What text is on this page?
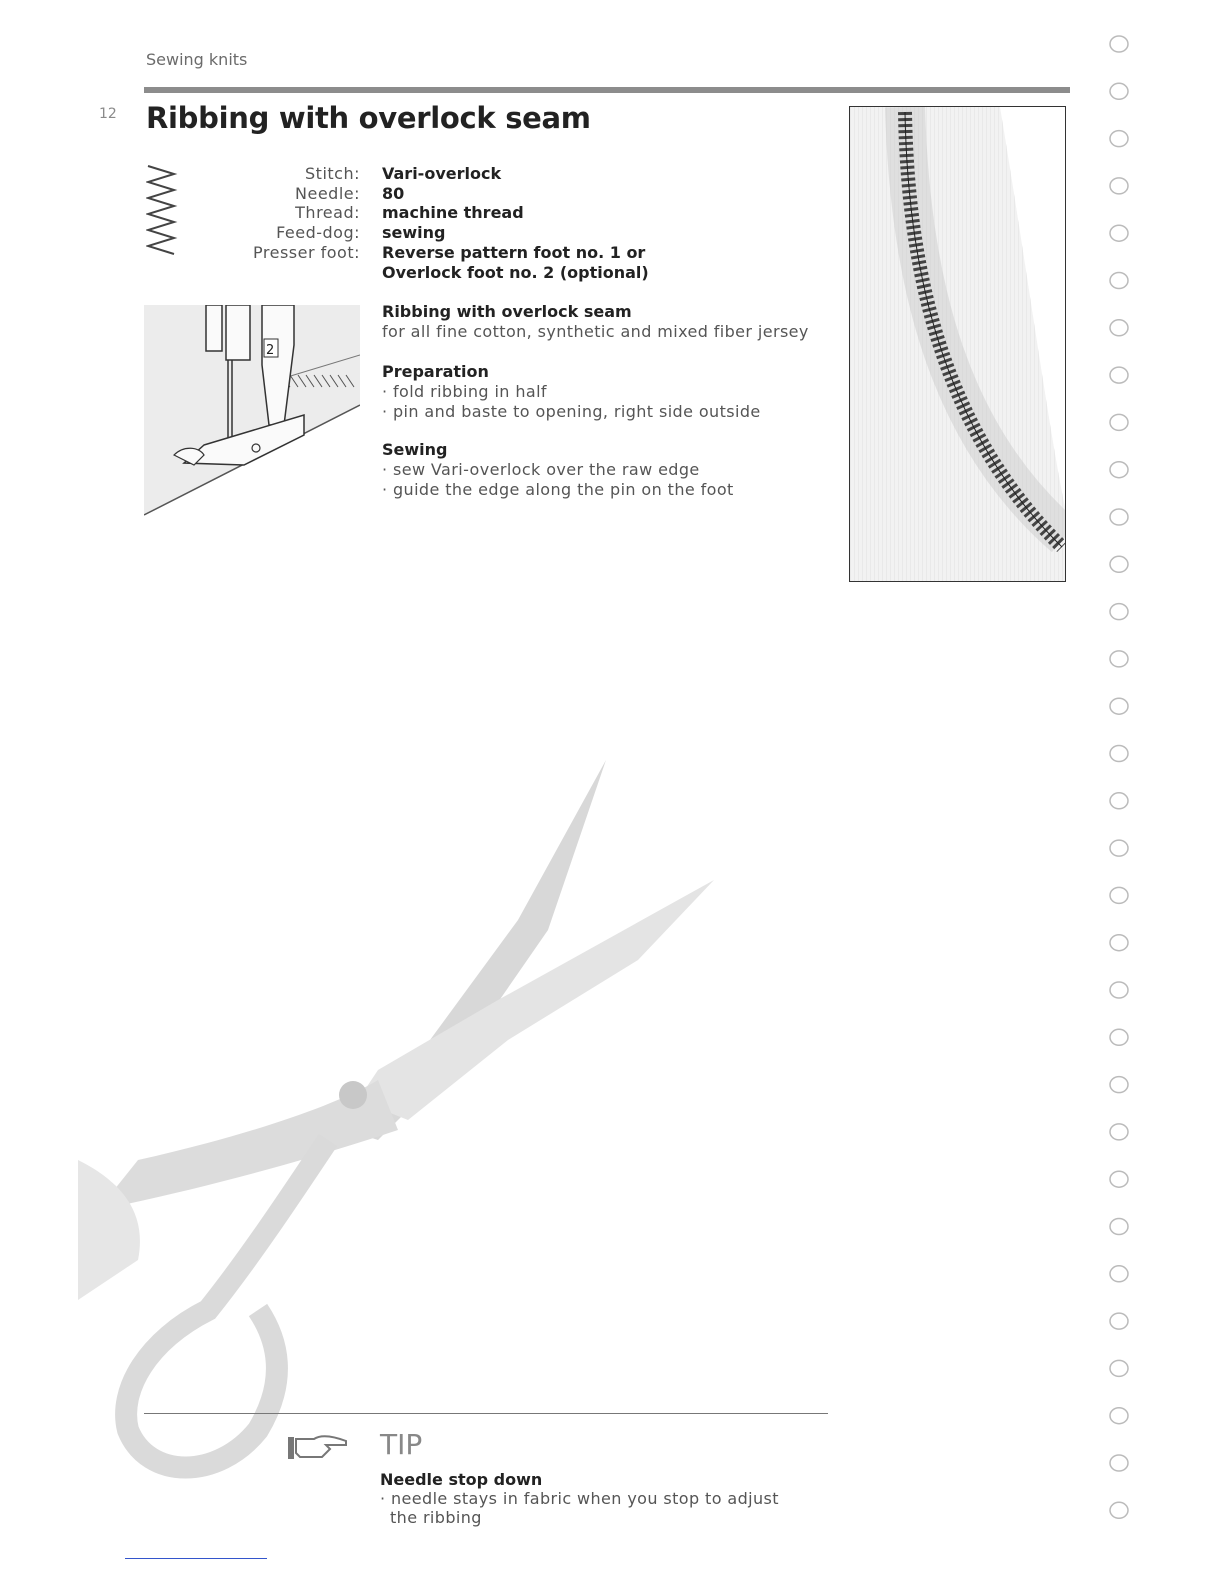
Sewing knits
12 Ribbing with overlock seam
Stitch:	Vari-overlock
Needle:	80
Thread:	machine thread
Feed-dog:	sewing
Presser foot:	Reverse pattern foot no. 1 or
Overlock foot no. 2 (optional)
2
Ribbing with overlock seam
for all fine cotton, synthetic and mixed fiber jersey
Preparation
· fold ribbing in half
· pin and baste to opening, right side outside
Sewing
· sew Vari-overlock over the raw edge
· guide the edge along the pin on the foot
TIP
Needle stop down
· needle stays in fabric when you stop to adjust the ribbing
